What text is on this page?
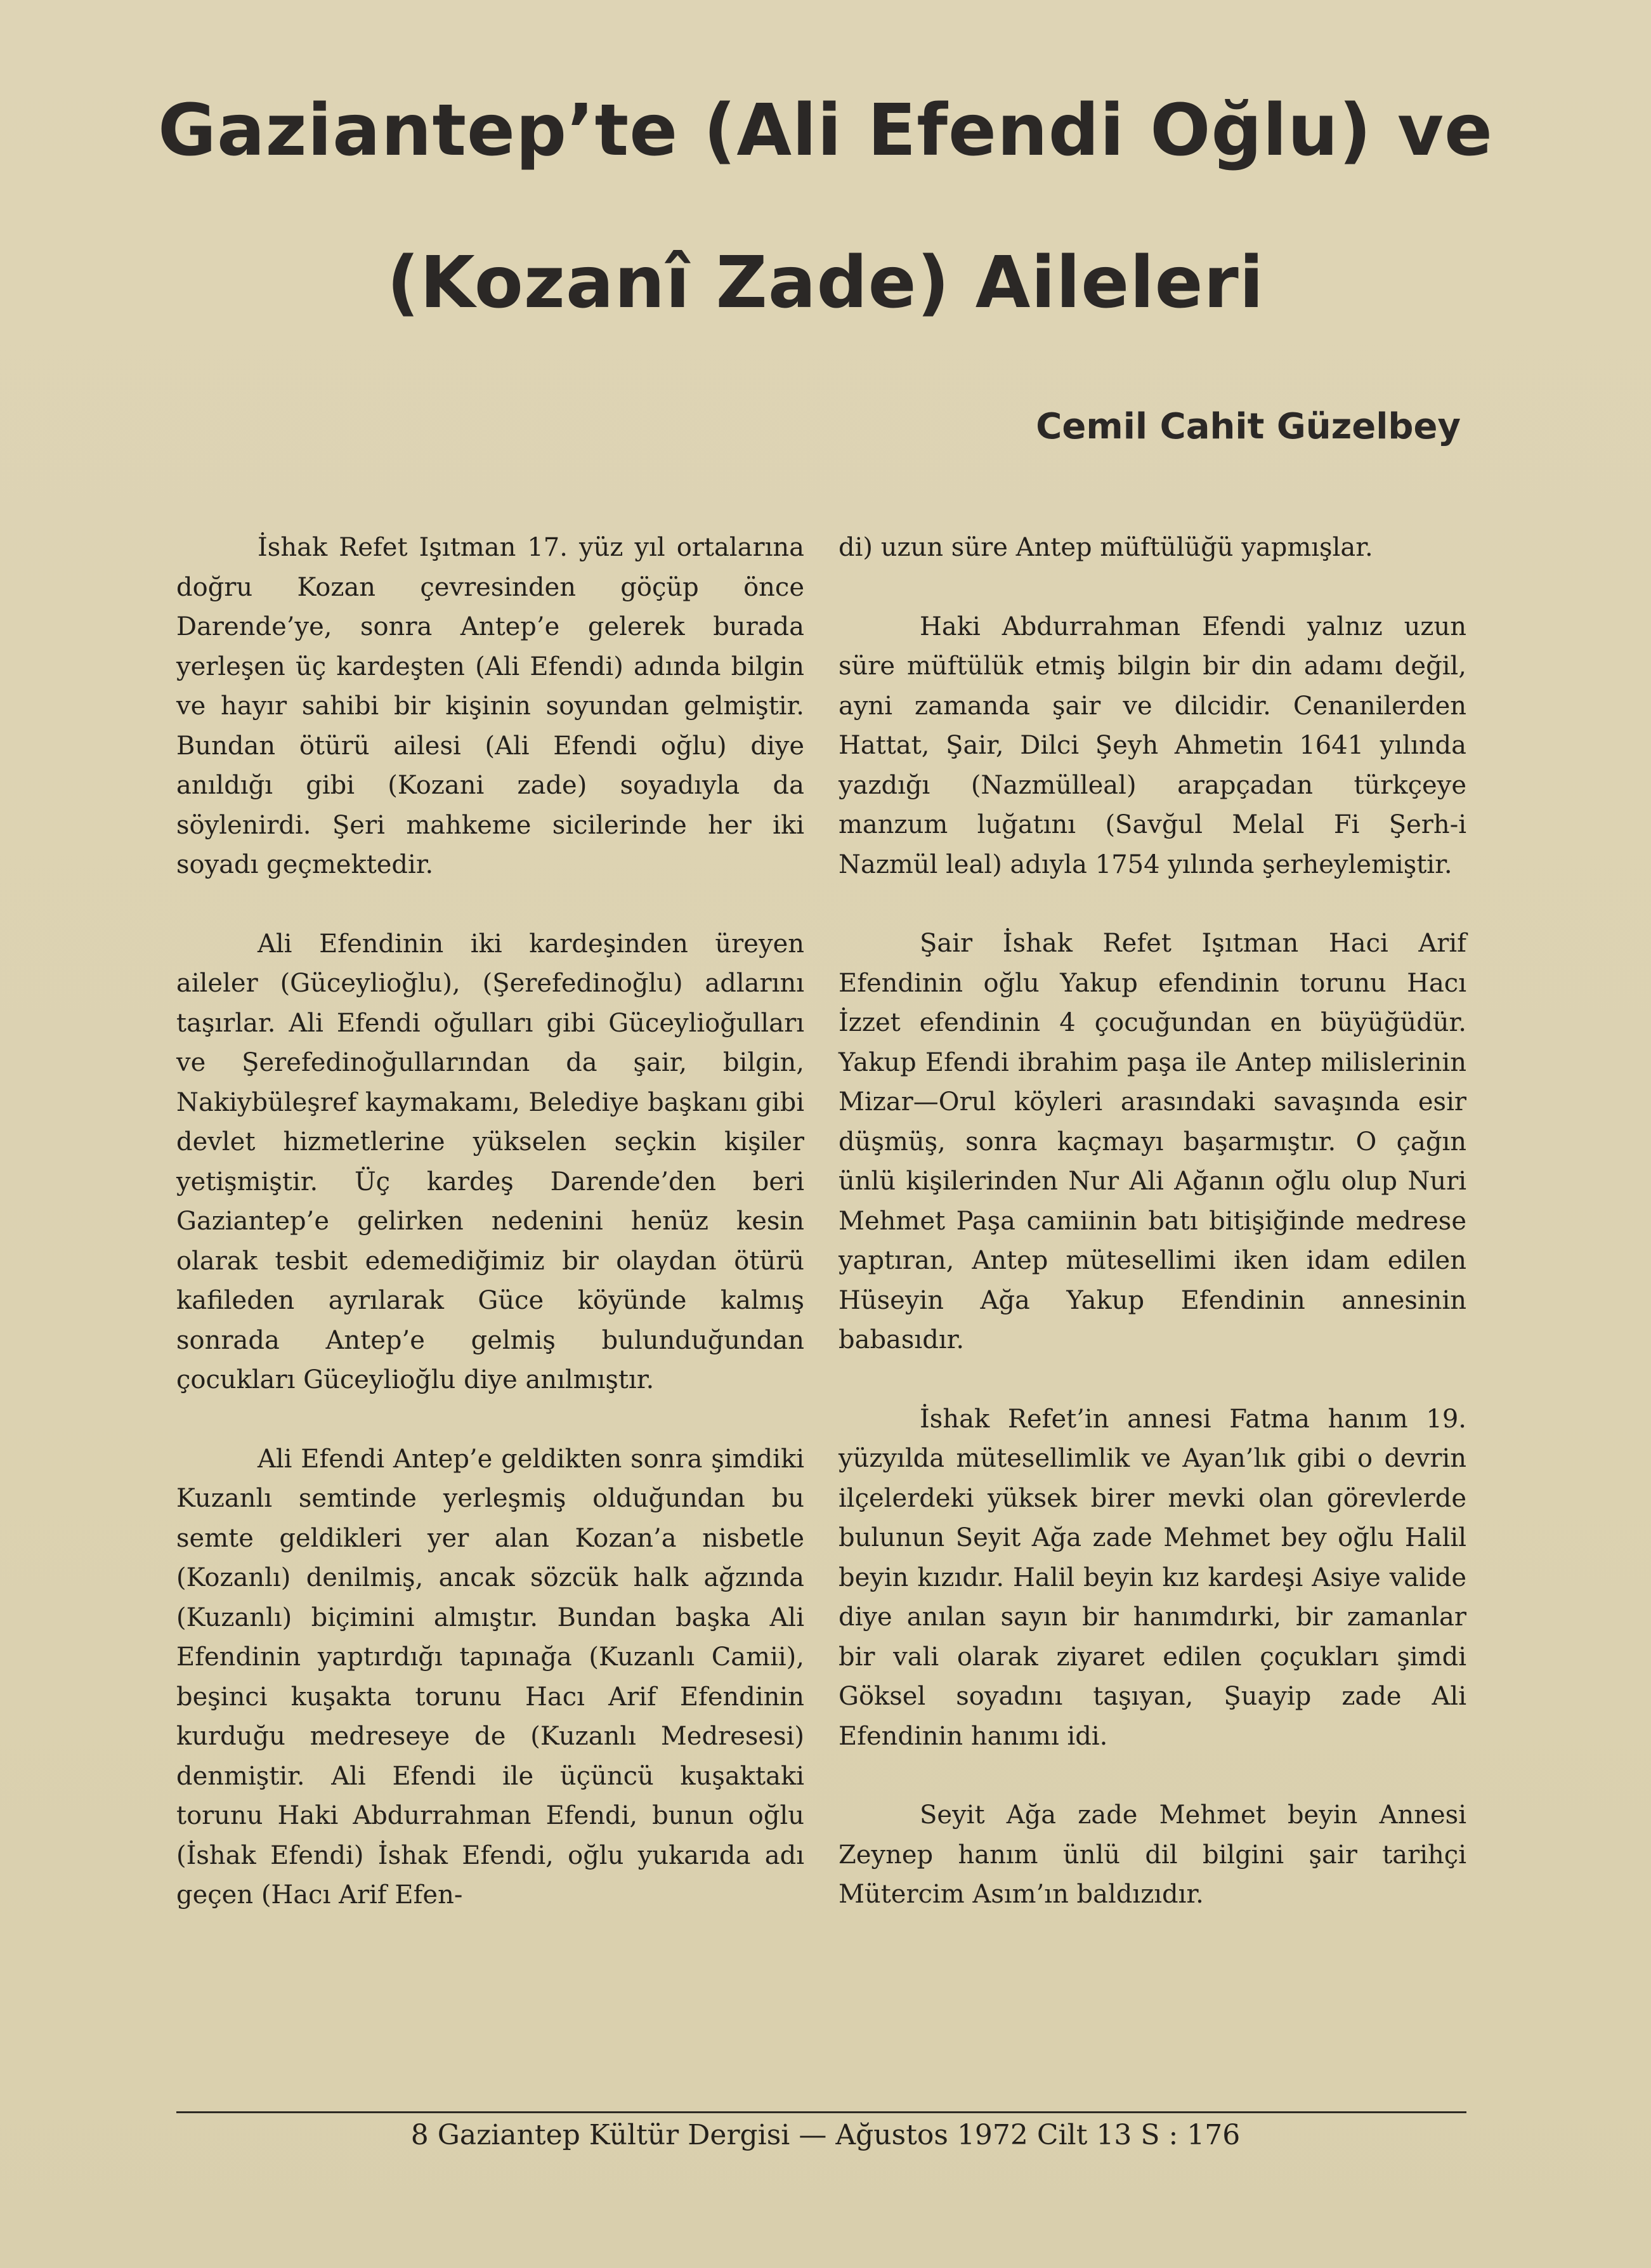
Gaziantep’te (Ali Efendi Oğlu) ve
(Kozanî Zade) Aileleri
Cemil Cahit Güzelbey

İshak Refet Işıtman 17. yüz yıl ortalarına doğru Kozan çevresinden göçüp önce Darende’ye, sonra Antep’e gelerek burada yerleşen üç kardeşten (Ali Efendi) adında bilgin ve hayır sahibi bir kişinin soyundan gelmiştir. Bundan ötürü ailesi (Ali Efendi oğlu) diye anıldığı gibi (Kozani zade) soyadıyla da söylenirdi. Şeri mahkeme sicilerinde her iki soyadı geçmektedir.

Ali Efendinin iki kardeşinden üreyen aileler (Güceylioğlu), (Şerefedinoğlu) adlarını taşırlar. Ali Efendi oğulları gibi Güceylioğulları ve Şerefedinoğullarından da şair, bilgin, Nakiybüleşref kaymakamı, Belediye başkanı gibi devlet hizmetlerine yükselen seçkin kişiler yetişmiştir. Üç kardeş Darende’den beri Gaziantep’e gelirken nedenini henüz kesin olarak tesbit edemediğimiz bir olaydan ötürü kafileden ayrılarak Güce köyünde kalmış sonrada Antep’e gelmiş bulunduğundan çocukları Güceylioğlu diye anılmıştır.

Ali Efendi Antep’e geldikten sonra şimdiki Kuzanlı semtinde yerleşmiş olduğundan bu semte geldikleri yer alan Kozan’a nisbetle (Kozanlı) denilmiş, ancak sözcük halk ağzında (Kuzanlı) biçimini almıştır. Bundan başka Ali Efendinin yaptırdığı tapınağa (Kuzanlı Camii), beşinci kuşakta torunu Hacı Arif Efendinin kurduğu medreseye de (Kuzanlı Medresesi) denmiştir. Ali Efendi ile üçüncü kuşaktaki torunu Haki Abdurrahman Efendi, bunun oğlu (İshak Efendi) İshak Efendi, oğlu yukarıda adı geçen (Hacı Arif Efen-

di) uzun süre Antep müftülüğü yapmışlar.

Haki Abdurrahman Efendi yalnız uzun süre müftülük etmiş bilgin bir din adamı değil, ayni zamanda şair ve dilcidir. Cenanilerden Hattat, Şair, Dilci Şeyh Ahmetin 1641 yılında yazdığı (Nazmülleal) arapçadan türkçeye manzum luğatını (Savğul Melal Fi Şerh-i Nazmül leal) adıyla 1754 yılında şerheylemiştir.

Şair İshak Refet Işıtman Haci Arif Efendinin oğlu Yakup efendinin torunu Hacı İzzet efendinin 4 çocuğundan en büyüğüdür. Yakup Efendi ibrahim paşa ile Antep milislerinin Mizar—Orul köyleri arasındaki savaşında esir düşmüş, sonra kaçmayı başarmıştır. O çağın ünlü kişilerinden Nur Ali Ağanın oğlu olup Nuri Mehmet Paşa camiinin batı bitişiğinde medrese yaptıran, Antep mütesellimi iken idam edilen Hüseyin Ağa Yakup Efendinin annesinin babasıdır.

İshak Refet’in annesi Fatma hanım 19. yüzyılda mütesellimlik ve Ayan’lık gibi o devrin ilçelerdeki yüksek birer mevki olan görevlerde bulunun Seyit Ağa zade Mehmet bey oğlu Halil beyin kızıdır. Halil beyin kız kardeşi Asiye valide diye anılan sayın bir hanımdırki, bir zamanlar bir vali olarak ziyaret edilen çoçukları şimdi Göksel soyadını taşıyan, Şuayip zade Ali Efendinin hanımı idi.

Seyit Ağa zade Mehmet beyin Annesi Zeynep hanım ünlü dil bilgini şair tarihçi Mütercim Asım’ın baldızıdır.

8 Gaziantep Kültür Dergisi — Ağustos 1972 Cilt 13 S : 176
